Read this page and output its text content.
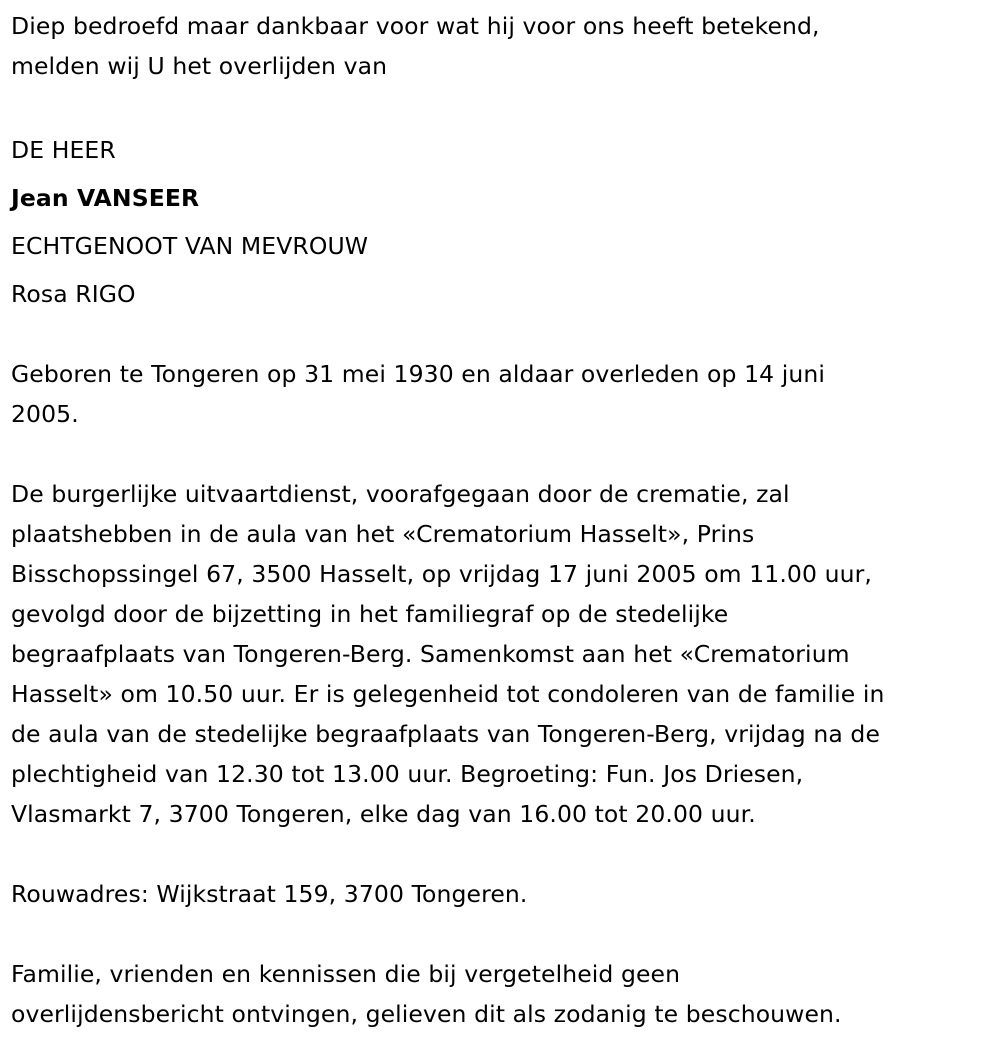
Diep bedroefd maar dankbaar voor wat hij voor ons heeft betekend,
melden wij U het overlijden van
DE HEER
Jean VANSEER
ECHTGENOOT VAN MEVROUW
Rosa RIGO
Geboren te Tongeren op 31 mei 1930 en aldaar overleden op 14 juni
2005.
De burgerlijke uitvaartdienst, voorafgegaan door de crematie, zal
plaatshebben in de aula van het «Crematorium Hasselt», Prins
Bisschopssingel 67, 3500 Hasselt, op vrijdag 17 juni 2005 om 11.00 uur,
gevolgd door de bijzetting in het familiegraf op de stedelijke
begraafplaats van Tongeren-Berg. Samenkomst aan het «Crematorium
Hasselt» om 10.50 uur. Er is gelegenheid tot condoleren van de familie in
de aula van de stedelijke begraafplaats van Tongeren-Berg, vrijdag na de
plechtigheid van 12.30 tot 13.00 uur. Begroeting: Fun. Jos Driesen,
Vlasmarkt 7, 3700 Tongeren, elke dag van 16.00 tot 20.00 uur.
Rouwadres: Wijkstraat 159, 3700 Tongeren.
Familie, vrienden en kennissen die bij vergetelheid geen
overlijdensbericht ontvingen, gelieven dit als zodanig te beschouwen.
